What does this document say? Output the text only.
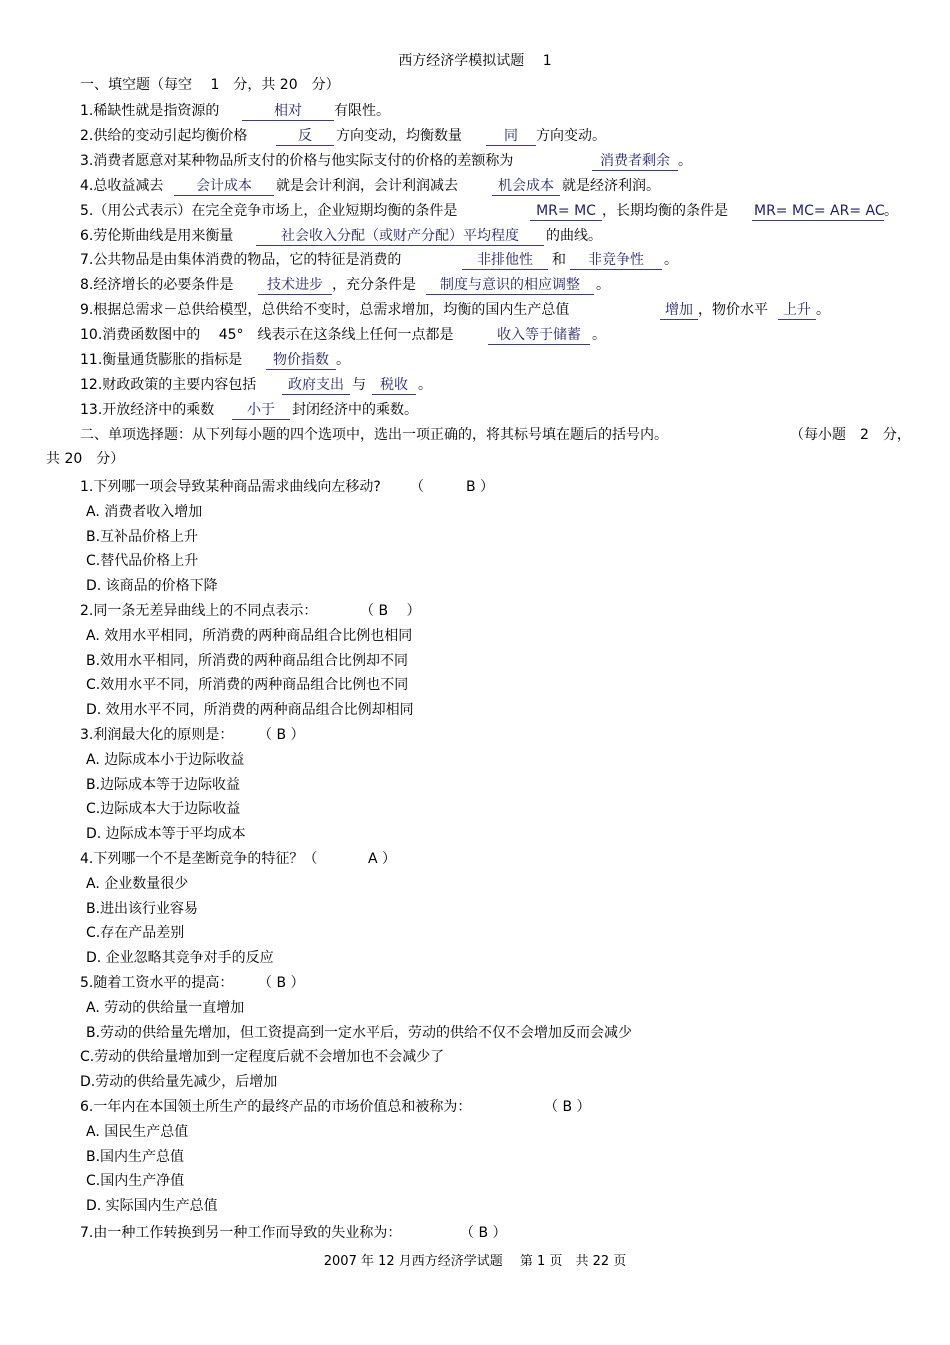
西方经济学模拟试题　 1
一、填空题（每空　 1　分，共 20　分）
1.稀缺性就是指资源的	相对	有限性。
2.供给的变动引起均衡价格	反	方向变动，均衡数量	同	方向变动。
3.消费者愿意对某种物品所支付的价格与他实际支付的价格的差额称为	消费者剩余 。
4.总收益减去	会计成本	就是会计利润，会计利润减去	机会成本 就是经济利润。
5.（用公式表示）在完全竞争市场上，企业短期均衡的条件是	MR= MC ，长期均衡的条件是 MR= MC= AR= AC 。
6.劳伦斯曲线是用来衡量	社会收入分配（或财产分配）平均程度	的曲线。
7.公共物品是由集体消费的物品，它的特征是消费的	非排他性	和	非竞争性	。
8.经济增长的必要条件是	技术进步 ，充分条件是	制度与意识的相应调整	。
9.根据总需求－总供给模型，总供给不变时，总需求增加，均衡的国内生产总值	增加 ，物价水平	上升 。
10.消费函数图中的　 45°　线表示在这条线上任何一点都是	收入等于储蓄 。
11.衡量通货膨胀的指标是	物价指数 。
12.财政政策的主要内容包括	政府支出 与	税收 。
13.开放经济中的乘数	小于	封闭经济中的乘数。
二、单项选择题：从下列每小题的四个选项中，选出一项正确的，将其标号填在题后的括号内。	（每小题　2　分，
共 20　分）
1.下列哪一项会导致某种商品需求曲线向左移动? （　　　B ）
A. 消费者收入增加
B.互补品价格上升
C.替代品价格上升
D. 该商品的价格下降
2.同一条无差异曲线上的不同点表示：	（ B　 ）
A. 效用水平相同，所消费的两种商品组合比例也相同
B.效用水平相同，所消费的两种商品组合比例却不同
C.效用水平不同，所消费的两种商品组合比例也不同
D. 效用水平不同，所消费的两种商品组合比例却相同
3.利润最大化的原则是： （ B ）
A. 边际成本小于边际收益
B.边际成本等于边际收益
C.边际成本大于边际收益
D. 边际成本等于平均成本
4.下列哪一个不是垄断竞争的特征？（	A ）
A. 企业数量很少
B.进出该行业容易
C.存在产品差别
D. 企业忽略其竞争对手的反应
5.随着工资水平的提高： （ B ）
A. 劳动的供给量一直增加
B.劳动的供给量先增加，但工资提高到一定水平后，劳动的供给不仅不会增加反而会减少
C.劳动的供给量增加到一定程度后就不会增加也不会减少了
D.劳动的供给量先减少，后增加
6.一年内在本国领土所生产的最终产品的市场价值总和被称为：	（ B ）
A. 国民生产总值
B.国内生产总值
C.国内生产净值
D. 实际国内生产总值
7.由一种工作转换到另一种工作而导致的失业称为：	（ B ）
2007 年 12 月西方经济学试题　 第 1 页　共 22 页
